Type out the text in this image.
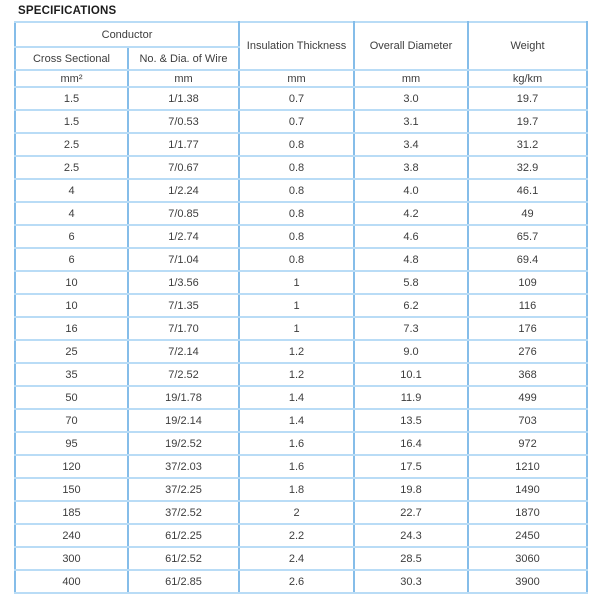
SPECIFICATIONS
Conductor		Insulation Thickness	Overall Diameter	Weight
Cross Sectional	No. & Dia. of Wire			
mm²	mm	mm	mm	kg/km
1.5	1/1.38	0.7	3.0	19.7
1.5	7/0.53	0.7	3.1	19.7
2.5	1/1.77	0.8	3.4	31.2
2.5	7/0.67	0.8	3.8	32.9
4	1/2.24	0.8	4.0	46.1
4	7/0.85	0.8	4.2	49
6	1/2.74	0.8	4.6	65.7
6	7/1.04	0.8	4.8	69.4
10	1/3.56	1	5.8	109
10	7/1.35	1	6.2	116
16	7/1.70	1	7.3	176
25	7/2.14	1.2	9.0	276
35	7/2.52	1.2	10.1	368
50	19/1.78	1.4	11.9	499
70	19/2.14	1.4	13.5	703
95	19/2.52	1.6	16.4	972
120	37/2.03	1.6	17.5	1210
150	37/2.25	1.8	19.8	1490
185	37/2.52	2	22.7	1870
240	61/2.25	2.2	24.3	2450
300	61/2.52	2.4	28.5	3060
400	61/2.85	2.6	30.3	3900
